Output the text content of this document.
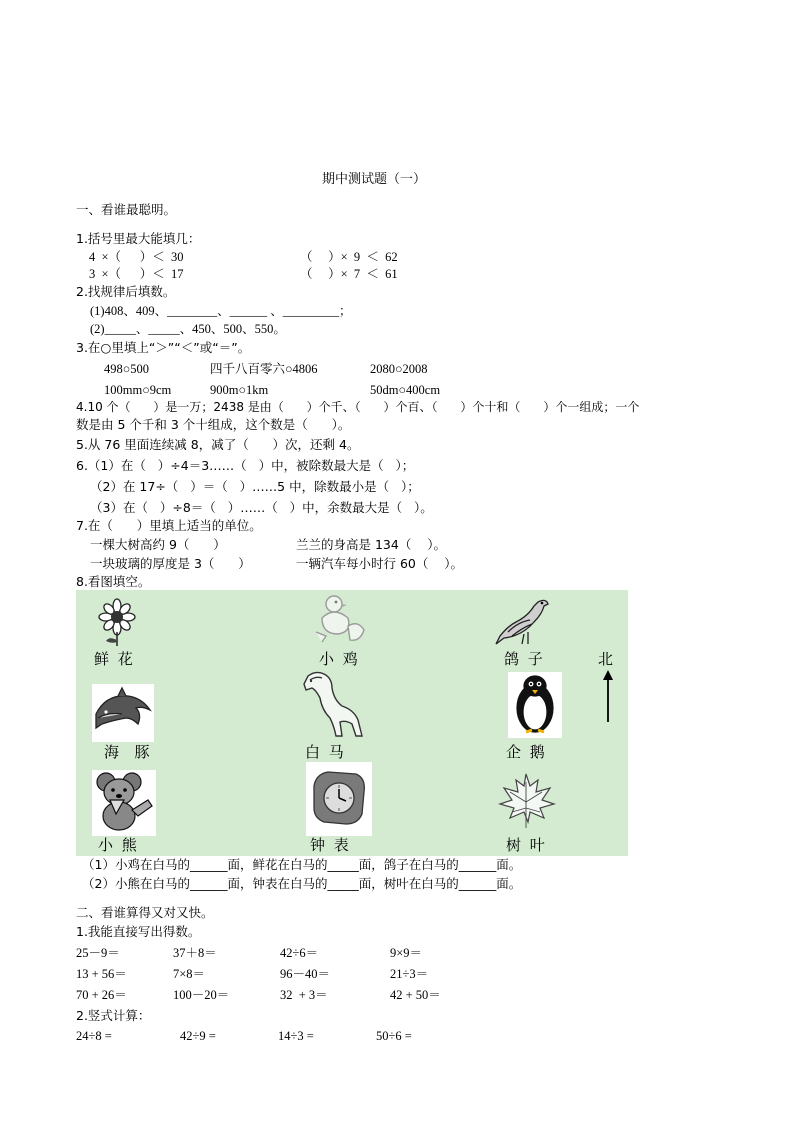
期中测试题（一）
一、看谁最聪明。
1.括号里最大能填几：
4  ×（      ）＜  30	（     ）×  9  ＜  62
3  ×（      ）＜  17	（     ）×  7  ＜  61
2.找规律后填数。
(1)408、409、________、______ 、_________；
(2)_____、_____、450、500、550。
3.在○里填上“＞”“＜”或“＝”。
498○500	四千八百零六○4806	2080○2008
100mm○9cm	900m○1km	50dm○400cm
4.10 个（      ）是一万；2438 是由（      ）个千、（      ）个百、（      ）个十和（      ）个一组成；一个
数是由 5 个千和 3 个十组成，这个数是（      ）。
5.从 76 里面连续减 8，减了（      ）次，还剩 4。
6.（1）在（   ）÷4＝3……（   ）中，被除数最大是（   ）；
（2）在 17÷（   ）＝（   ）……5 中，除数最小是（   ）；
（3）在（   ）÷8＝（   ）……（   ）中，余数最大是（   ）。
7.在（      ）里填上适当的单位。
一棵大树高约 9（      ）	兰兰的身高是 134（    ）。
一块玻璃的厚度是 3（      ）	一辆汽车每小时行 60（    ）。
8.看图填空。
鲜 花	小 鸡	鸽 子	北
海  豚	白 马	企 鹅
小 熊	钟 表	树 叶
（1）小鸡在白马的______面，鲜花在白马的_____面，鸽子在白马的______面。
（2）小熊在白马的______面，钟表在白马的_____面，树叶在白马的______面。
二、看谁算得又对又快。
1.我能直接写出得数。
25－9＝	37＋8＝	42÷6＝	9×9＝
13 + 56＝	7×8＝	96－40＝	21÷3＝
70 + 26＝	100－20＝	32  + 3＝	42 + 50＝
2.竖式计算：
24÷8 =	42÷9 =	14÷3 =	50÷6 =
